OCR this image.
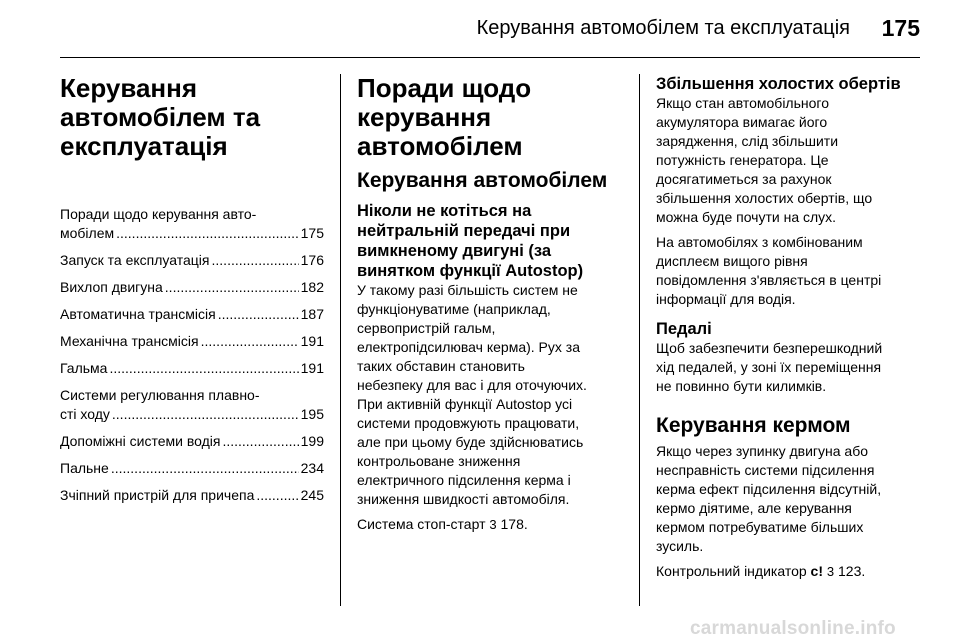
Керування автомобілем та експлуатація 175
Керування
автомобілем та
експлуатація
Поради щодо керування авто-
мобілем .....	175
Запуск та експлуатація .....	176
Вихлоп двигуна .....	182
Автоматична трансмісія .....	187
Механічна трансмісія .....	191
Гальма .....	191
Системи регулювання плавно-
сті ходу .....	195
Допоміжні системи водія .....	199
Пальне .....	234
Зчіпний пристрій для причепа .....	245
Поради щодо
керування
автомобілем
Керування автомобілем
Ніколи не котіться на
нейтральній передачі при
вимкненому двигуні (за
винятком функції Autostop)
У такому разі більшість систем не
функціонуватиме (наприклад,
сервопристрій гальм,
електропідсилювач керма). Рух за
таких обставин становить
небезпеку для вас і для оточуючих.
При активній функції Autostop усі
системи продовжують працювати,
але при цьому буде здійснюватись
контрольоване зниження
електричного підсилення керма і
зниження швидкості автомобіля.
Система стоп-старт 3 178.
Збільшення холостих обертів
Якщо стан автомобільного
акумулятора вимагає його
зарядження, слід збільшити
потужність генератора. Це
досягатиметься за рахунок
збільшення холостих обертів, що
можна буде почути на слух.
На автомобілях з комбінованим
дисплеєм вищого рівня
повідомлення з'являється в центрі
інформації для водія.
Педалі
Щоб забезпечити безперешкодний
хід педалей, у зоні їх переміщення
не повинно бути килимків.
Керування кермом
Якщо через зупинку двигуна або
несправність системи підсилення
керма ефект підсилення відсутній,
кермо діятиме, але керування
кермом потребуватиме більших
зусиль.
Контрольний індикатор c! 3 123.
carmanualsonline.info
